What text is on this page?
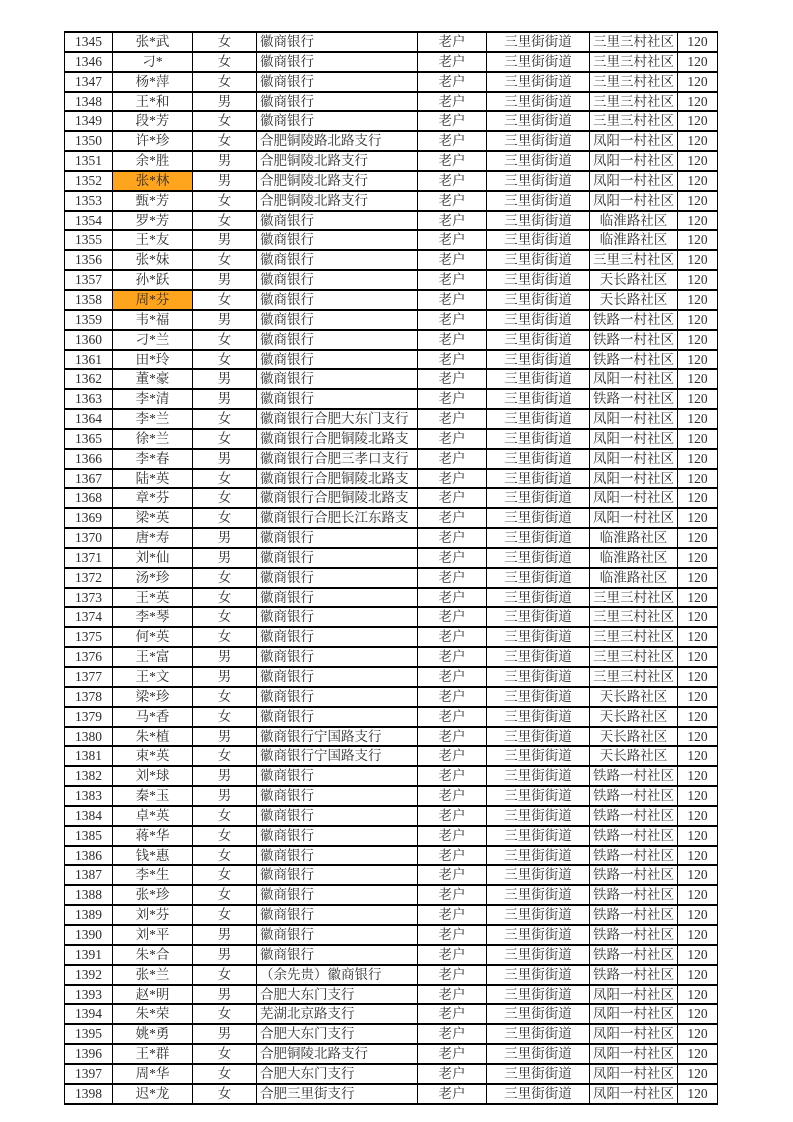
1345	张*武	女	徽商银行	老户	三里街街道	三里三村社区	120
1346	刁*	女	徽商银行	老户	三里街街道	三里三村社区	120
1347	杨*萍	女	徽商银行	老户	三里街街道	三里三村社区	120
1348	王*和	男	徽商银行	老户	三里街街道	三里三村社区	120
1349	段*芳	女	徽商银行	老户	三里街街道	三里三村社区	120
1350	许*珍	女	合肥铜陵路北路支行	老户	三里街街道	凤阳一村社区	120
1351	余*胜	男	合肥铜陵北路支行	老户	三里街街道	凤阳一村社区	120
1352	张*林	男	合肥铜陵北路支行	老户	三里街街道	凤阳一村社区	120
1353	甄*芳	女	合肥铜陵北路支行	老户	三里街街道	凤阳一村社区	120
1354	罗*芳	女	徽商银行	老户	三里街街道	临淮路社区	120
1355	王*友	男	徽商银行	老户	三里街街道	临淮路社区	120
1356	张*妹	女	徽商银行	老户	三里街街道	三里三村社区	120
1357	孙*跃	男	徽商银行	老户	三里街街道	天长路社区	120
1358	周*芬	女	徽商银行	老户	三里街街道	天长路社区	120
1359	韦*福	男	徽商银行	老户	三里街街道	铁路一村社区	120
1360	刁*兰	女	徽商银行	老户	三里街街道	铁路一村社区	120
1361	田*玲	女	徽商银行	老户	三里街街道	铁路一村社区	120
1362	董*豪	男	徽商银行	老户	三里街街道	凤阳一村社区	120
1363	李*清	男	徽商银行	老户	三里街街道	铁路一村社区	120
1364	李*兰	女	徽商银行合肥大东门支行	老户	三里街街道	凤阳一村社区	120
1365	徐*兰	女	徽商银行合肥铜陵北路支	老户	三里街街道	凤阳一村社区	120
1366	李*春	男	徽商银行合肥三孝口支行	老户	三里街街道	凤阳一村社区	120
1367	陆*英	女	徽商银行合肥铜陵北路支	老户	三里街街道	凤阳一村社区	120
1368	章*芬	女	徽商银行合肥铜陵北路支	老户	三里街街道	凤阳一村社区	120
1369	梁*英	女	徽商银行合肥长江东路支	老户	三里街街道	凤阳一村社区	120
1370	唐*寿	男	徽商银行	老户	三里街街道	临淮路社区	120
1371	刘*仙	男	徽商银行	老户	三里街街道	临淮路社区	120
1372	汤*珍	女	徽商银行	老户	三里街街道	临淮路社区	120
1373	王*英	女	徽商银行	老户	三里街街道	三里三村社区	120
1374	李*琴	女	徽商银行	老户	三里街街道	三里三村社区	120
1375	何*英	女	徽商银行	老户	三里街街道	三里三村社区	120
1376	王*富	男	徽商银行	老户	三里街街道	三里三村社区	120
1377	王*文	男	徽商银行	老户	三里街街道	三里三村社区	120
1378	梁*珍	女	徽商银行	老户	三里街街道	天长路社区	120
1379	马*香	女	徽商银行	老户	三里街街道	天长路社区	120
1380	朱*植	男	徽商银行宁国路支行	老户	三里街街道	天长路社区	120
1381	束*英	女	徽商银行宁国路支行	老户	三里街街道	天长路社区	120
1382	刘*球	男	徽商银行	老户	三里街街道	铁路一村社区	120
1383	秦*玉	男	徽商银行	老户	三里街街道	铁路一村社区	120
1384	卓*英	女	徽商银行	老户	三里街街道	铁路一村社区	120
1385	蒋*华	女	徽商银行	老户	三里街街道	铁路一村社区	120
1386	钱*惠	女	徽商银行	老户	三里街街道	铁路一村社区	120
1387	李*生	女	徽商银行	老户	三里街街道	铁路一村社区	120
1388	张*珍	女	徽商银行	老户	三里街街道	铁路一村社区	120
1389	刘*芬	女	徽商银行	老户	三里街街道	铁路一村社区	120
1390	刘*平	男	徽商银行	老户	三里街街道	铁路一村社区	120
1391	朱*合	男	徽商银行	老户	三里街街道	铁路一村社区	120
1392	张*兰	女	（余先贵）徽商银行	老户	三里街街道	铁路一村社区	120
1393	赵*明	男	合肥大东门支行	老户	三里街街道	凤阳一村社区	120
1394	朱*荣	女	芜湖北京路支行	老户	三里街街道	凤阳一村社区	120
1395	姚*勇	男	合肥大东门支行	老户	三里街街道	凤阳一村社区	120
1396	王*群	女	合肥铜陵北路支行	老户	三里街街道	凤阳一村社区	120
1397	周*华	女	合肥大东门支行	老户	三里街街道	凤阳一村社区	120
1398	迟*龙	女	合肥三里街支行	老户	三里街街道	凤阳一村社区	120
